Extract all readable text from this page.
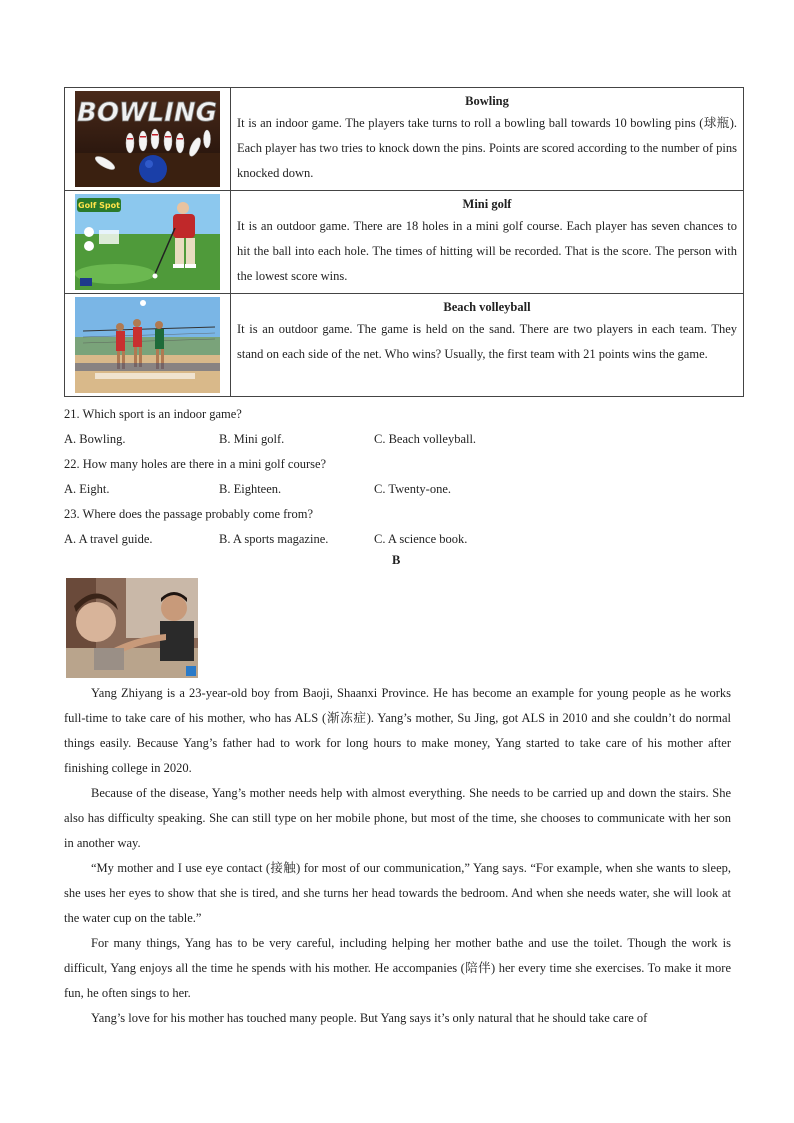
BOWLING	Bowling
It is an indoor game. The players take turns to roll a bowling ball towards 10 bowling pins (球瓶). Each player has two tries to knock down the pins. Points are scored according to the number of pins knocked down.

Golf Spot	Mini golf
It is an outdoor game. There are 18 holes in a mini golf course. Each player has seven chances to hit the ball into each hole. The times of hitting will be recorded. That is the score. The person with the lowest score wins.

Beach volleyball
It is an outdoor game. The game is held on the sand. There are two players in each team. They stand on each side of the net. Who wins? Usually, the first team with 21 points wins the game.
21. Which sport is an indoor game?
A. Bowling.	B. Mini golf.	C. Beach volleyball.
22. How many holes are there in a mini golf course?
A. Eight.	B. Eighteen.	C. Twenty-one.
23. Where does the passage probably come from?
A. A travel guide.	B. A sports magazine.	C. A science book.
B

Yang Zhiyang is a 23-year-old boy from Baoji, Shaanxi Province. He has become an example for young people as he works full-time to take care of his mother, who has ALS (渐冻症). Yang’s mother, Su Jing, got ALS in 2010 and she couldn’t do normal things easily. Because Yang’s father had to work for long hours to make money, Yang started to take care of his mother after finishing college in 2020.

Because of the disease, Yang’s mother needs help with almost everything. She needs to be carried up and down the stairs. She also has difficulty speaking. She can still type on her mobile phone, but most of the time, she chooses to communicate with her son in another way.

“My mother and I use eye contact (接触) for most of our communication,” Yang says. “For example, when she wants to sleep, she uses her eyes to show that she is tired, and she turns her head towards the bedroom. And when she needs water, she will look at the water cup on the table.”

For many things, Yang has to be very careful, including helping her mother bathe and use the toilet. Though the work is difficult, Yang enjoys all the time he spends with his mother. He accompanies (陪伴) her every time she exercises. To make it more fun, he often sings to her.

Yang’s love for his mother has touched many people. But Yang says it’s only natural that he should take care of
